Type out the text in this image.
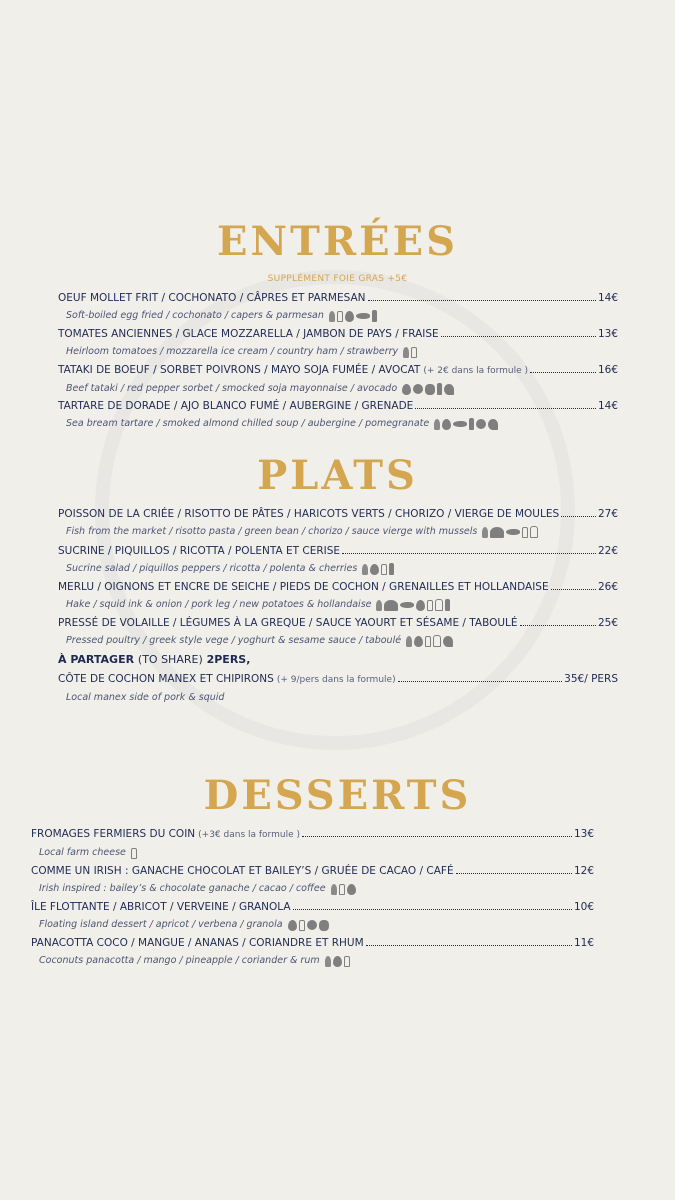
ENTRÉES
SUPPLÉMENT FOIE GRAS +5€
OEUF MOLLET FRIT / COCHONATO / CÂPRES ET PARMESAN	14€
Soft-boiled egg fried / cochonato / capers & parmesan
TOMATES ANCIENNES / GLACE MOZZARELLA / JAMBON DE PAYS / FRAISE	13€
Heirloom tomatoes / mozzarella ice cream / country ham / strawberry
TATAKI DE BOEUF / SORBET POIVRONS / MAYO SOJA FUMÉE / AVOCAT (+ 2€ dans la formule )	16€
Beef tataki / red pepper sorbet / smocked soja mayonnaise / avocado
TARTARE DE DORADE / AJO BLANCO FUMÉ / AUBERGINE / GRENADE	14€
Sea bream tartare / smoked almond chilled soup / aubergine / pomegranate
PLATS
POISSON DE LA CRIÉE / RISOTTO DE PÂTES / HARICOTS VERTS / CHORIZO / VIERGE DE MOULES	27€
Fish from the market / risotto pasta / green bean / chorizo / sauce vierge with mussels
SUCRINE / PIQUILLOS / RICOTTA / POLENTA ET CERISE	22€
Sucrine salad / piquillos peppers / ricotta / polenta & cherries
MERLU / OIGNONS ET ENCRE DE SEICHE / PIEDS DE COCHON / GRENAILLES ET HOLLANDAISE	26€
Hake / squid ink & onion / pork leg / new potatoes & hollandaise
PRESSÉ DE VOLAILLE / LÉGUMES À LA GREQUE / SAUCE YAOURT ET SÉSAME / TABOULÉ	25€
Pressed poultry / greek style vege / yoghurt & sesame sauce / taboulé
À PARTAGER (TO SHARE) 2PERS,
CÔTE DE COCHON MANEX ET CHIPIRONS (+ 9/pers dans la formule)	35€/ PERS
Local manex side of pork & squid
DESSERTS
FROMAGES FERMIERS DU COIN (+3€ dans la formule )	13€
Local farm cheese
COMME UN IRISH : GANACHE CHOCOLAT ET BAILEY’S / GRUÉE DE CACAO / CAFÉ	12€
Irish inspired : bailey’s & chocolate ganache / cacao / coffee
ÎLE FLOTTANTE / ABRICOT / VERVEINE / GRANOLA	10€
Floating island dessert / apricot / verbena / granola
PANACOTTA COCO / MANGUE / ANANAS / CORIANDRE ET RHUM	11€
Coconuts panacotta / mango / pineapple / coriander & rum
